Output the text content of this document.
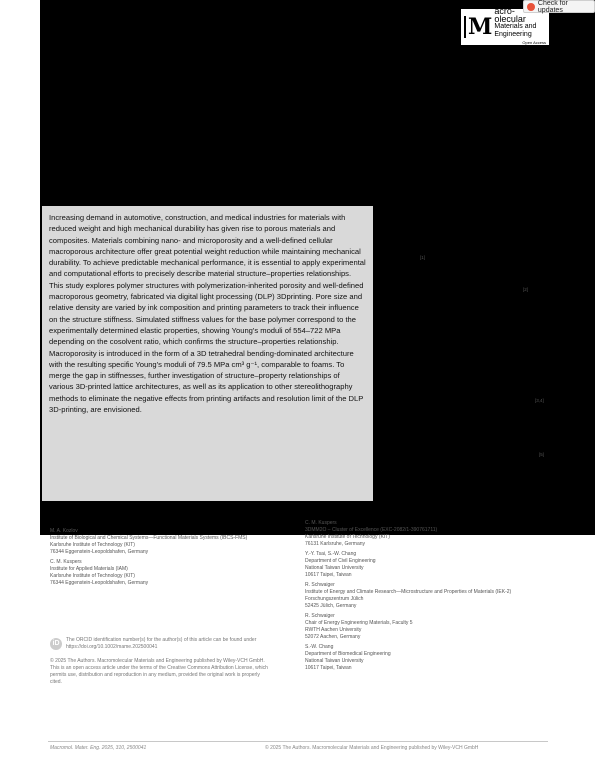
M
acro-
olecular
Materials and Engineering
Open Access
Check for updates
Increasing demand in automotive, construction, and medical industries for materials with reduced weight and high mechanical durability has given rise to porous materials and composites. Materials combining nano- and microporosity and a well-defined cellular macroporous architecture offer great potential weight reduction while maintaining mechanical durability. To achieve predictable mechanical performance, it is essential to apply experimental and computational efforts to precisely describe material structure–properties relationships. This study explores polymer structures with polymerization-inherited porosity and well-defined macroporous geometry, fabricated via digital light processing (DLP) 3Dprinting. Pore size and relative density are varied by ink composition and printing parameters to track their influence on the structure stiffness. Simulated stiffness values for the base polymer correspond to the experimentally determined elastic properties, showing Young's moduli of 554–722 MPa depending on the cosolvent ratio, which confirms the structure–properties relationship. Macroporosity is introduced in the form of a 3D tetrahedral bending-dominated architecture with the resulting specific Young's moduli of 79.5 MPa cm³ g⁻¹, comparable to foams. To merge the gap in stiffnesses, further investigation of structure–property relationships of various 3D-printed lattice architectures, as well as its application to other stereolithography methods to eliminate the negative effects from printing artifacts and resolution limit of the DLP 3D-printing, are envisioned.
[1]
[2]
[3,4]
[5]
M. A. Kozlov
Institute of Biological and Chemical Systems—Functional Materials Systems (IBCS-FMS)
Karlsruhe Institute of Technology (KIT)
76344 Eggenstein-Leopoldshafen, Germany
C. M. Kuspers
Institute for Applied Materials (IAM)
Karlsruhe Institute of Technology (KIT)
76344 Eggenstein-Leopoldshafen, Germany
C. M. Kuspers
3DMM2O – Cluster of Excellence (EXC-2082/1-390761711)
Karlsruhe Institute of Technology (KIT)
76131 Karlsruhe, Germany
Y.-Y. Tsai, S.-W. Chang
Department of Civil Engineering
National Taiwan University
10617 Taipei, Taiwan
R. Schwaiger
Institute of Energy and Climate Research—Microstructure and Properties of Materials (IEK-2)
Forschungszentrum Jülich
52425 Jülich, Germany
R. Schwaiger
Chair of Energy Engineering Materials, Faculty 5
RWTH Aachen University
52072 Aachen, Germany
S.-W. Chang
Department of Biomedical Engineering
National Taiwan University
10617 Taipei, Taiwan
iD	The ORCID identification number(s) for the author(s) of this article can be found under https://doi.org/10.1002/mame.202500041
© 2025 The Authors. Macromolecular Materials and Engineering published by Wiley-VCH GmbH. This is an open access article under the terms of the Creative Commons Attribution License, which permits use, distribution and reproduction in any medium, provided the original work is properly cited.
Macromol. Mater. Eng. 2025, 310, 2500041	© 2025 The Authors. Macromolecular Materials and Engineering published by Wiley-VCH GmbH
